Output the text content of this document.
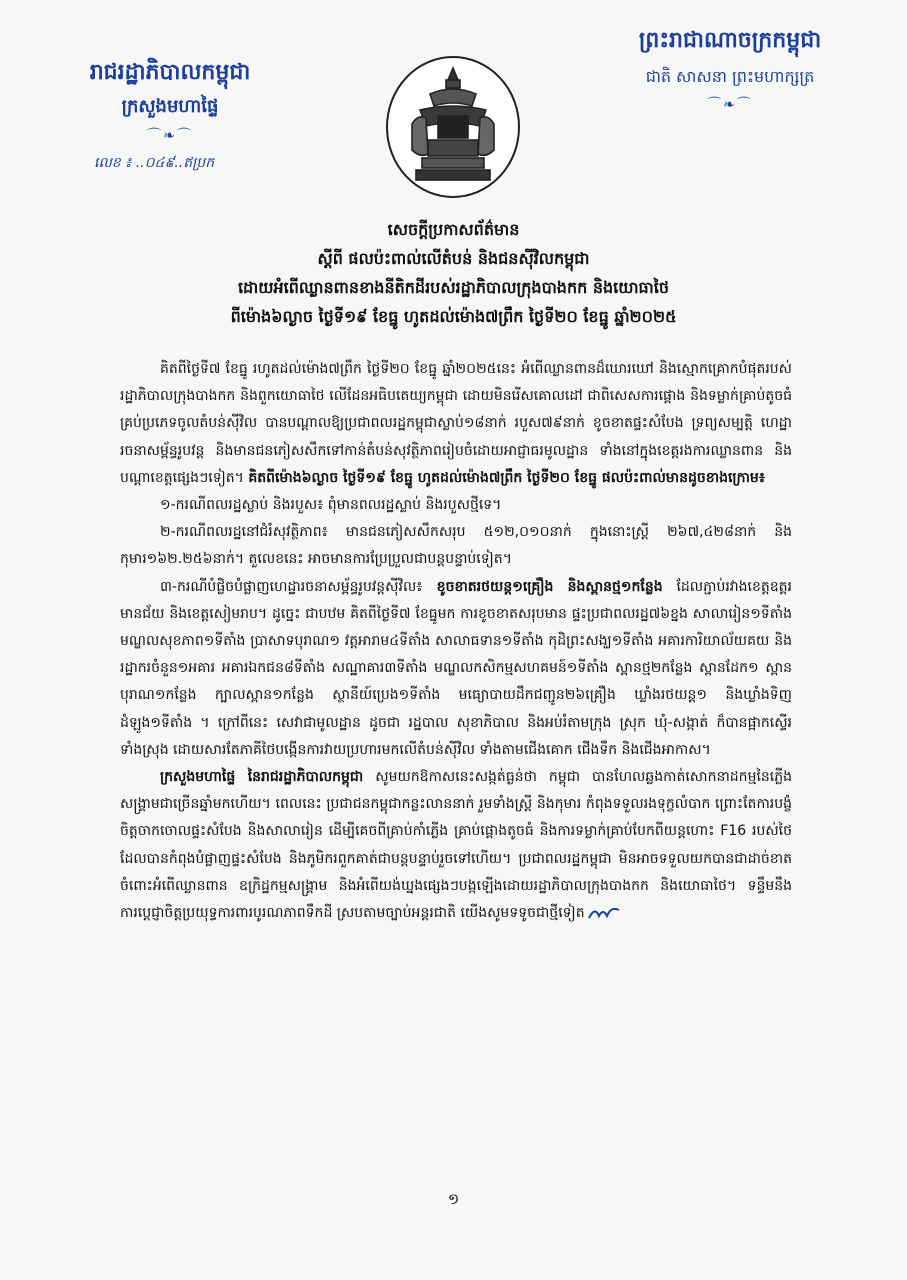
រាជរដ្ឋាភិបាលកម្ពុជា
ក្រសួងមហាផ្ទៃ
⌒❧⌒
លេខ ៖ ..០៤៩..ឥប្រក
ព្រះរាជាណាចក្រកម្ពុជា
ជាតិ សាសនា ព្រះមហាក្សត្រ
⌒❧⌒
សេចក្តីប្រកាសព័ត៌មាន
ស្តីពី ផលប៉ះពាល់លើតំបន់ និងជនស៊ីវិលកម្ពុជា
ដោយអំពើឈ្លានពានខាងនីតិកដីរបស់រដ្ឋាភិបាលក្រុងបាងកក និងយោធាថៃ
ពីម៉ោង៦ល្ងាច ថ្ងៃទី១៩ ខែធ្នូ ហូតដល់ម៉ោង៧ព្រឹក ថ្ងៃទី២០ ខែធ្នូ ឆ្នាំ២០២៥

គិតពីថ្ងៃទី៧ ខែធ្នូ រហូតដល់ម៉ោង៧ព្រឹក ថ្ងៃទី២០ ខែធ្នូ ឆ្នាំ២០២៥នេះ អំពើឈ្លានពានដ៏ឃោរឃៅ និងស្មោកគ្រោកបំផុតរបស់រដ្ឋាភិបាលក្រុងបាងកក និងពួកយោធាថៃ លើដែនអធិបតេយ្យកម្ពុជា ដោយមិនរើសគោលដៅ ជាពិសេសការផ្ដោង និងទម្លាក់គ្រាប់តូចធំគ្រប់ប្រភេទចូលតំបន់ស៊ីវិល បានបណ្តាលឱ្យប្រជាពលរដ្ឋកម្ពុជាស្លាប់១៨នាក់ របួស៧៩នាក់ ខូចខាតផ្ទះសំបែង ទ្រព្យសម្បត្តិ ហេដ្ឋារចនាសម្ព័ន្ធរូបវន្ត និងមានជនភៀសសឹកទៅកាន់តំបន់សុវត្ថិភាពរៀបចំដោយអាជ្ញាធរមូលដ្ឋាន ទាំងនៅក្នុងខេត្តរងការឈ្លានពាន និងបណ្តាខេត្តផ្សេងៗទៀត។ គិតពីម៉ោង៦ល្ងាច ថ្ងៃទី១៩ ខែធ្នូ ហូតដល់ម៉ោង៧ព្រឹក ថ្ងៃទី២០ ខែធ្នូ ផលប៉ះពាល់មានដូចខាងក្រោម៖

១-ករណីពលរដ្ឋស្លាប់ និងរបួស៖ ពុំមានពលរដ្ឋស្លាប់ និងរបួសថ្មីទេ។

២-ករណីពលរដ្ឋនៅជំរំសុវត្ថិភាព៖ មានជនភៀសសឹកសរុប ៥១២,០១០នាក់ ក្នុងនោះស្ត្រី ២៦៧,៤២៨នាក់ និងកុមារ១៦២.២៥៦នាក់។ តួលេខនេះ អាចមានការប្រែប្រួលជាបន្តបន្ទាប់ទៀត។

៣-ករណីបំផ្លិចបំផ្លាញហេដ្ឋារចនាសម្ព័ន្ធរូបវន្តស៊ីវិល៖ ខូចខាតរថយន្ត១គ្រឿង និងស្ពានថ្ម១កន្លែង ដែលភ្ជាប់រវាងខេត្តឧត្តរមានជ័យ និងខេត្តសៀមរាប។ ដូច្នេះ ជាបឋម គិតពីថ្ងៃទី៧ ខែធ្នូមក ការខូចខាតសរុបមាន ផ្ទះប្រជាពលរដ្ឋ៧៦ខ្នង សាលារៀន១ទីតាំង មណ្ឌលសុខភាព១ទីតាំង ប្រាសាទបុរាណ១ វត្តអារាម៤ទីតាំង សាលាធទាន១ទីតាំង កុដិព្រះសង្ឃ១ទីតាំង អគារការិយាល័យគយ និងរដ្ឋាករចំនួន១អគារ អគារឯកជន៨ទីតាំង សណ្ឋាគារ៣ទីតាំង មណ្ឌលកសិកម្មសហគមន៍១ទីតាំង ស្ពានថ្ម២កន្លែង ស្ពានដែក១ ស្ពានបុរាណ១កន្លែង ក្បាលស្ពាន១កន្លែង ស្ថានីយ៍ប្រេង១ទីតាំង មធ្យោបាយដឹកជញ្ជូន២៦គ្រឿង ឃ្លាំងរថយន្ត១ និងឃ្លាំងទិញដំឡូង១ទីតាំង ។ ក្រៅពីនេះ សេវាជាមូលដ្ឋាន ដូចជា រដ្ឋបាល សុខាភិបាល និងអប់រំតាមក្រុង ស្រុក ឃុំ-សង្កាត់ ក៏បានផ្អាកស្ទើរទាំងស្រុង ដោយសារតែភាគីថៃបង្កើនការវាយប្រហារមកលើតំបន់ស៊ីវិល ទាំងតាមជើងគោក ជើងទឹក និងជើងអាកាស។

ក្រសួងមហាផ្ទៃ នៃរាជរដ្ឋាភិបាលកម្ពុជា សូមយកឱកាសនេះសង្កត់ធ្ងន់ថា កម្ពុជា បានហែលឆ្លងកាត់សោកនាដកម្មនៃភ្លើងសង្គ្រាមជាច្រើនឆ្នាំមកហើយ។ ពេលនេះ ប្រជាជនកម្ពុជាកន្លះលាននាក់ រួមទាំងស្ត្រី និងកុមារ កំពុងទទួលរងទុក្ខលំបាក ព្រោះតែការបង្ខំចិត្តចាកចោលផ្ទះសំបែង និងសាលារៀន ដើម្បីគេចពីគ្រាប់កាំភ្លើង គ្រាប់ផ្ដោងតូចធំ និងការទម្លាក់គ្រាប់បែកពីយន្តហោះ F16 របស់ថៃ ដែលបានកំពុងបំផ្លាញផ្ទះសំបែង និងភូមិករពួកគាត់ជាបន្តបន្ទាប់រួចទៅហើយ។ ប្រជាពលរដ្ឋកម្ពុជា មិនអាចទទួលយកបានជាដាច់ខាត ចំពោះអំពើឈ្លានពាន ឧក្រិដ្ឋកម្មសង្គ្រាម និងអំពើយង់ឃ្នងផ្សេងៗបង្កឡើងដោយរដ្ឋាភិបាលក្រុងបាងកក និងយោធាថៃ។ ទន្ទឹមនឹងការប្តេជ្ញាចិត្តប្រយុទ្ធការពារបូរណភាពទឹកដី ស្របតាមច្បាប់អន្តរជាតិ យើងសូមទទូចជាថ្មីទៀត

១
